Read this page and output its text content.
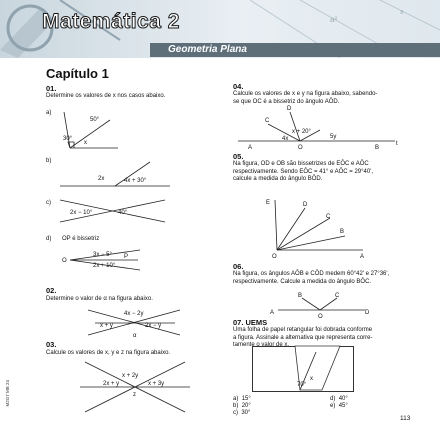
a²
x
Matemática 2
Geometria Plana
Capítulo 1
01.
Determine os valores de x nos casos abaixo.
a)
b)
c)
d) OP é bissetriz
50°
30°
x
2x	4x + 30°
2x − 10°	40°
O
P
3x − 5°
2x + 10°
02.
Determine o valor de α na figura abaixo.
4x − 2y
x + y	2x − y
α
03.
Calcule os valores de x, y e z na figura abaixo.
x + 2y
2x + y	x + 3y
z
04.
Calcule os valores de x e y na figura abaixo, sabendo-
se que OC é a bissetriz do ângulo AÔD.
D
C
A	O	B
t
x + 20°
4x	5y
05.
Na figura, OD e OB são bissetrizes de EÔC e AÔC
respectivamente. Sendo EÔC = 41° e AÔC = 29°40',
calcule a medida do ângulo BÔD.
E	D
C
B
O	A
06.
Na figura, os ângulos AÔB e CÔD medem 60°42' e 27°36',
respectivamente. Calcule a medida do ângulo BÔC.
A
B	C
D
O
07. UEMS
Uma folha de papel retangular foi dobrada conforme
a figura. Assinale a alternativa que representa corre-
tamente o valor de x.
70°
x
a) 15°
b) 20°
c) 30°
d) 40°
e) 45°
M2G7 MB 24
113
